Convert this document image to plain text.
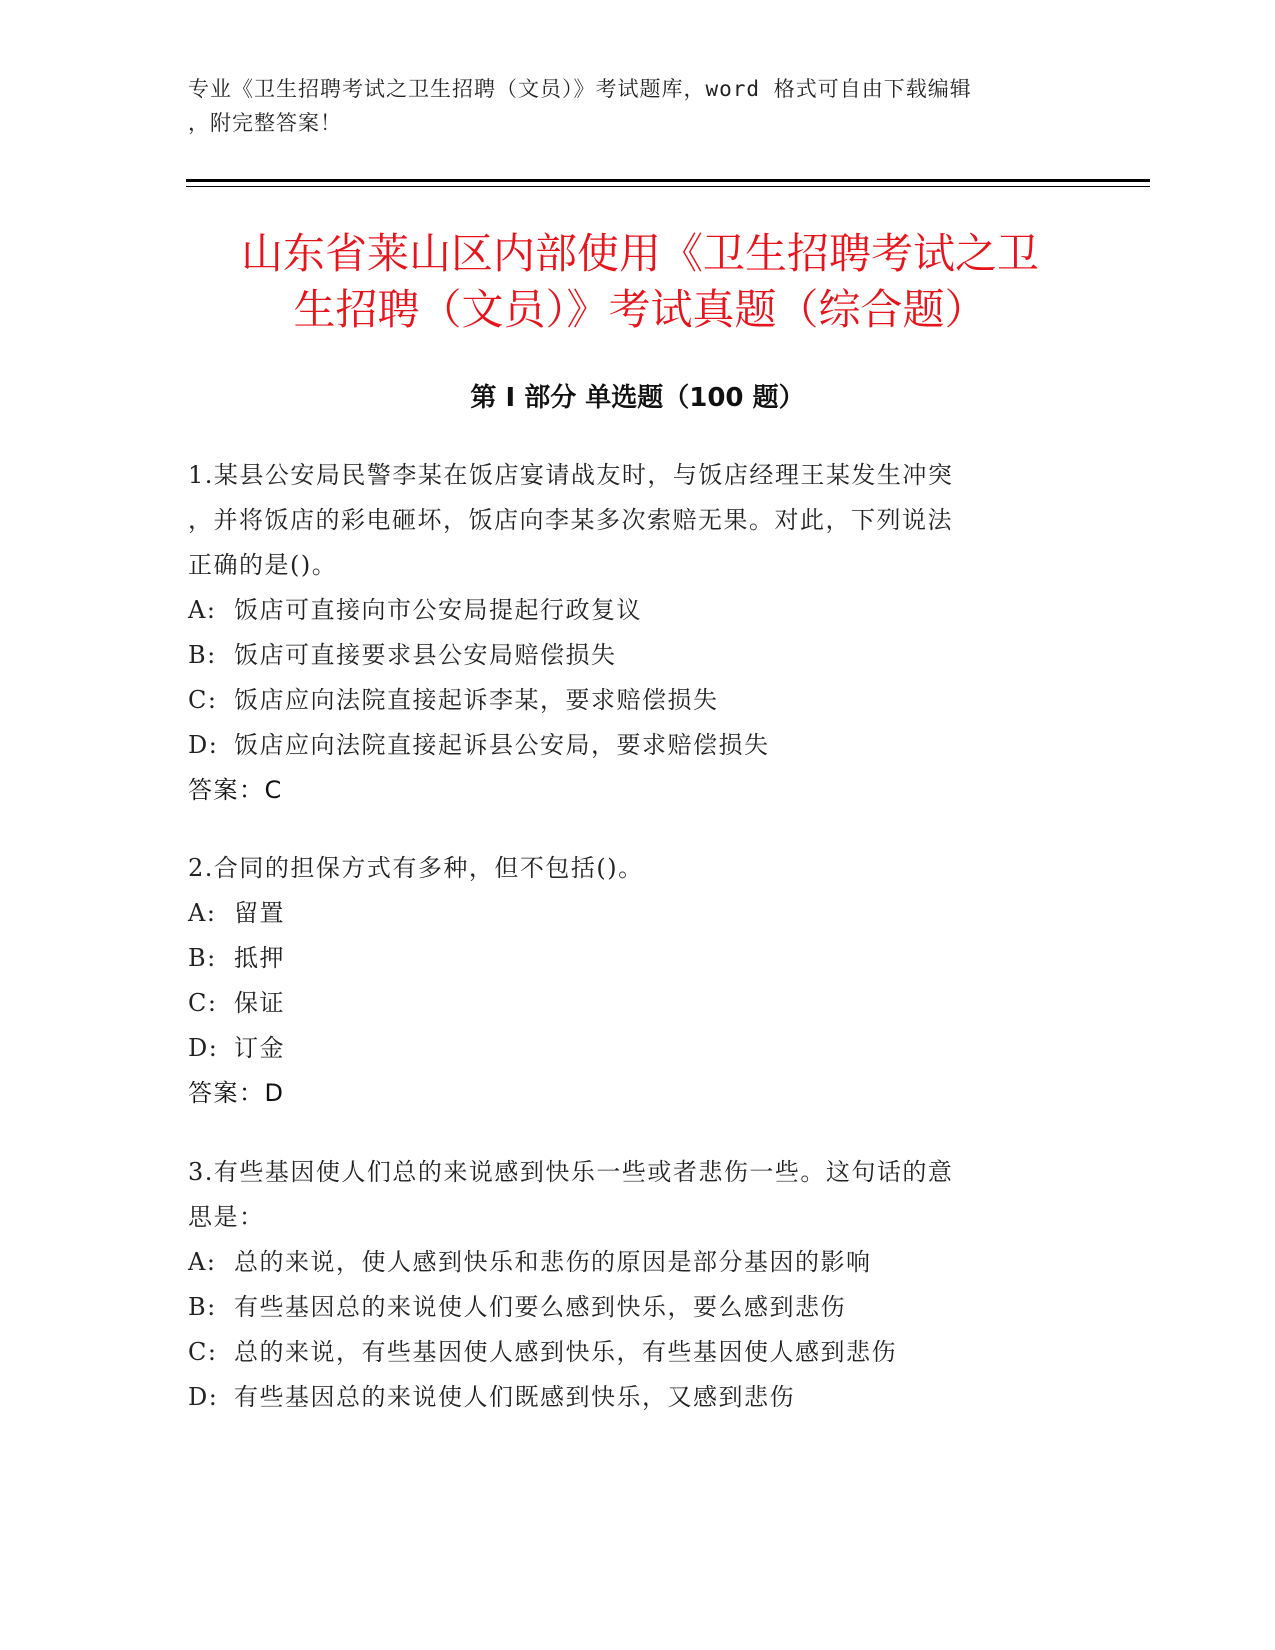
专业《卫生招聘考试之卫生招聘（文员）》考试题库，word 格式可自由下载编辑
，附完整答案！
山东省莱山区内部使用《卫生招聘考试之卫
生招聘（文员）》考试真题（综合题）
第 I 部分 单选题（100 题）

1.某县公安局民警李某在饭店宴请战友时，与饭店经理王某发生冲突

，并将饭店的彩电砸坏，饭店向李某多次索赔无果。对此，下列说法

正确的是()。

A: 饭店可直接向市公安局提起行政复议

B: 饭店可直接要求县公安局赔偿损失

C: 饭店应向法院直接起诉李某，要求赔偿损失

D: 饭店应向法院直接起诉县公安局，要求赔偿损失

答案：C

2.合同的担保方式有多种，但不包括()。

A: 留置

B: 抵押

C: 保证

D: 订金

答案：D

3.有些基因使人们总的来说感到快乐一些或者悲伤一些。这句话的意

思是：

A: 总的来说，使人感到快乐和悲伤的原因是部分基因的影响

B: 有些基因总的来说使人们要么感到快乐，要么感到悲伤

C: 总的来说，有些基因使人感到快乐，有些基因使人感到悲伤

D: 有些基因总的来说使人们既感到快乐，又感到悲伤
